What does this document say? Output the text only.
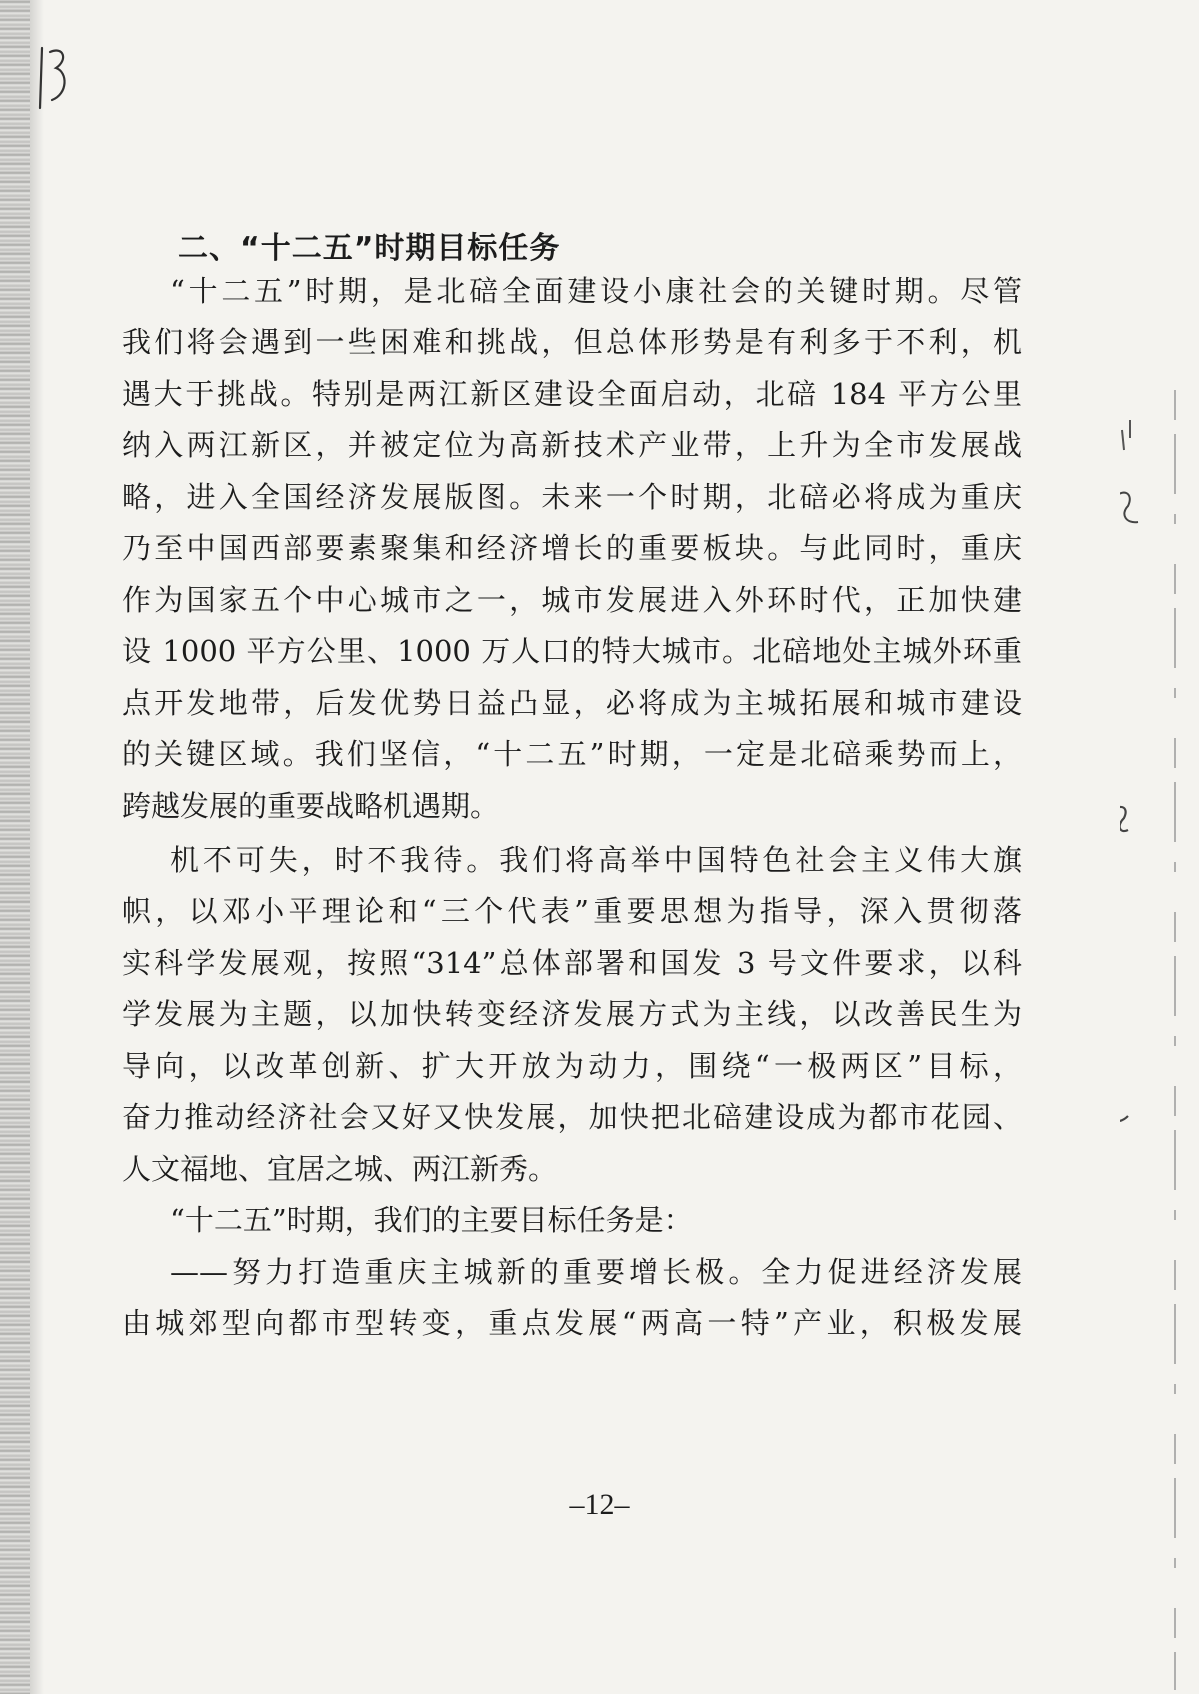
二、“十二五”时期目标任务
“十二五”时期，是北碚全面建设小康社会的关键时期。尽管
我们将会遇到一些困难和挑战，但总体形势是有利多于不利，机
遇大于挑战。特别是两江新区建设全面启动，北碚 184 平方公里
纳入两江新区，并被定位为高新技术产业带，上升为全市发展战
略，进入全国经济发展版图。未来一个时期，北碚必将成为重庆
乃至中国西部要素聚集和经济增长的重要板块。与此同时，重庆
作为国家五个中心城市之一，城市发展进入外环时代，正加快建
设 1000 平方公里、1000 万人口的特大城市。北碚地处主城外环重
点开发地带，后发优势日益凸显，必将成为主城拓展和城市建设
的关键区域。我们坚信，“十二五”时期，一定是北碚乘势而上，
跨越发展的重要战略机遇期。
机不可失，时不我待。我们将高举中国特色社会主义伟大旗
帜，以邓小平理论和“三个代表”重要思想为指导，深入贯彻落
实科学发展观，按照“314”总体部署和国发 3 号文件要求，以科
学发展为主题，以加快转变经济发展方式为主线，以改善民生为
导向，以改革创新、扩大开放为动力，围绕“一极两区”目标，
奋力推动经济社会又好又快发展，加快把北碚建设成为都市花园、
人文福地、宜居之城、两江新秀。
“十二五”时期，我们的主要目标任务是：
——努力打造重庆主城新的重要增长极。全力促进经济发展
由城郊型向都市型转变，重点发展“两高一特”产业，积极发展
–12–
